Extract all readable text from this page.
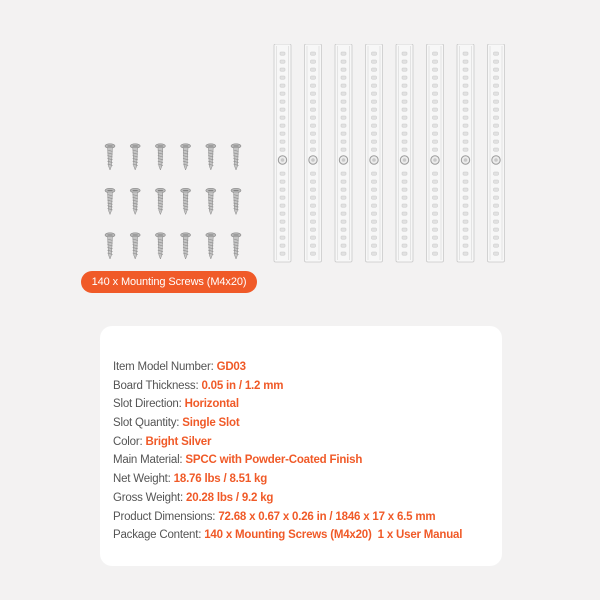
140 x Mounting Screws (M4x20)
Item Model Number: GD03
Board Thickness: 0.05 in / 1.2 mm
Slot Direction: Horizontal
Slot Quantity: Single Slot
Color: Bright Silver
Main Material: SPCC with Powder-Coated Finish
Net Weight: 18.76 lbs / 8.51 kg
Gross Weight: 20.28 lbs / 9.2 kg
Product Dimensions: 72.68 x 0.67 x 0.26 in / 1846 x 17 x 6.5 mm
Package Content: 140 x Mounting Screws (M4x20) 1 x User Manual
